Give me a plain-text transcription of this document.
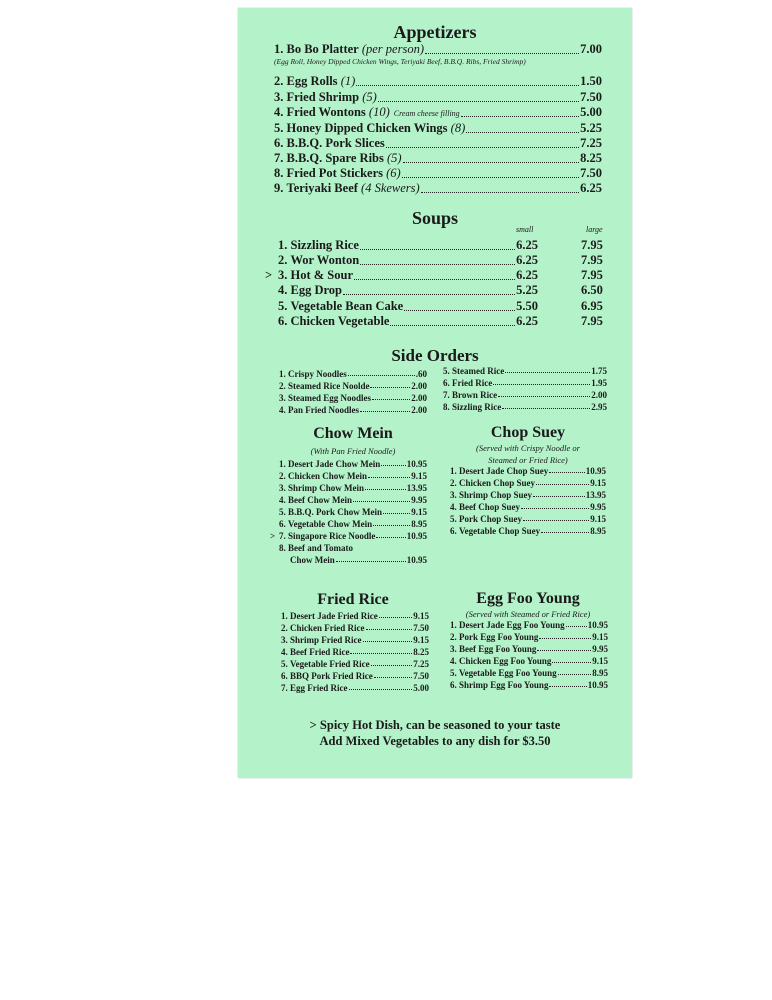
Appetizers
1. Bo Bo Platter (per person)	7.00
2. Egg Rolls (1)	1.50
3. Fried Shrimp (5)	7.50
4. Fried Wontons (10) Cream cheese filling	5.00
5. Honey Dipped Chicken Wings (8)	5.25
6. B.B.Q. Pork Slices	7.25
7. B.B.Q. Spare Ribs (5)	8.25
8. Fried Pot Stickers (6)	7.50
9. Teriyaki Beef (4 Skewers)	6.25
(Egg Roll, Honey Dipped Chicken Wings, Teriyaki Beef, B.B.Q. Ribs, Fried Shrimp)
Soups
small	large
1. Sizzling Rice	6.25	7.95
2. Wor Wonton	6.25	7.95
3. Hot & Sour	6.25	7.95
>
4. Egg Drop	5.25	6.50
5. Vegetable Bean Cake	5.50	6.95
6. Chicken Vegetable	6.25	7.95
Side Orders
1. Crispy Noodles	.60
2. Steamed Rice Noolde	2.00
3. Steamed Egg Noodles	2.00
4. Pan Fried Noodles	2.00
5. Steamed Rice	1.75
6. Fried Rice	1.95
7. Brown Rice	2.00
8. Sizzling Rice	2.95
Chow Mein
(With Pan Fried Noodle)
1. Desert Jade Chow Mein	10.95
2. Chicken Chow Mein	9.15
3. Shrimp Chow Mein	13.95
4. Beef Chow Mein	9.95
5. B.B.Q. Pork Chow Mein	9.15
6. Vegetable Chow Mein	8.95
7. Singapore Rice Noodle	10.95
>
8. Beef and Tomato
Chow Mein	10.95
Chop Suey
(Served with Crispy Noodle or
Steamed or Fried Rice)
1. Desert Jade Chop Suey	10.95
2. Chicken Chop Suey	9.15
3. Shrimp Chop Suey	13.95
4. Beef Chop Suey	9.95
5. Pork Chop Suey	9.15
6. Vegetable Chop Suey	8.95
Fried Rice
1. Desert Jade Fried Rice	9.15
2. Chicken Fried Rice	7.50
3. Shrimp Fried Rice	9.15
4. Beef Fried Rice	8.25
5. Vegetable Fried Rice	7.25
6. BBQ Pork Fried Rice	7.50
7. Egg Fried Rice	5.00
Egg Foo Young
(Served with Steamed or Fried Rice)
1. Desert Jade Egg Foo Young	10.95
2. Pork Egg Foo Young	9.15
3. Beef Egg Foo Young	9.95
4. Chicken Egg Foo Young	9.15
5. Vegetable Egg Foo Young	8.95
6. Shrimp Egg Foo Young	10.95
> Spicy Hot Dish, can be seasoned to your taste
Add Mixed Vegetables to any dish for $3.50
